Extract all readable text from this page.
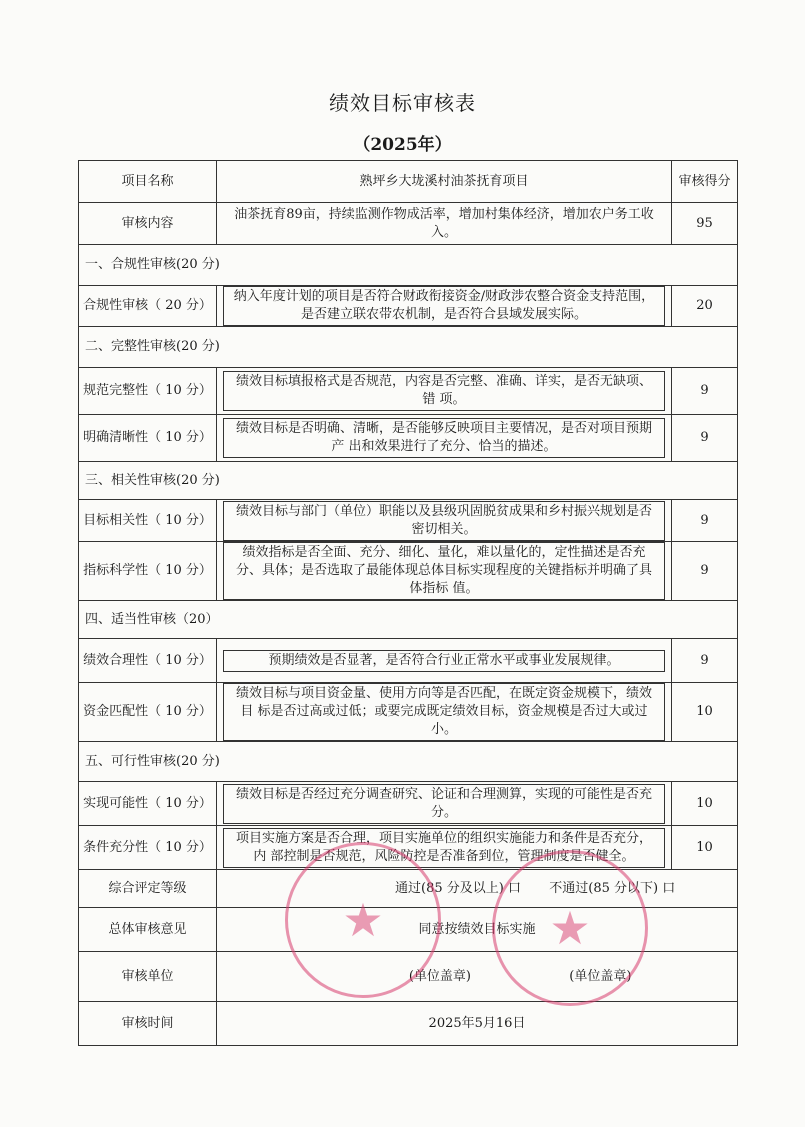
绩效目标审核表
（2025年）
项目名称	熟坪乡大垅溪村油茶抚育项目	审核得分
审核内容	油茶抚育89亩，持续监测作物成活率，增加村集体经济，增加农户务工收入。	95
一、合规性审核(20 分)		
合规性审核（ 20 分）	纳入年度计划的项目是否符合财政衔接资金/财政涉农整合资金支持范围，是否建立联农带农机制，是否符合县域发展实际。	20
二、完整性审核(20 分)		
规范完整性（ 10 分）	绩效目标填报格式是否规范，内容是否完整、准确、详实，是否无缺项、错 项。	9
明确清晰性（ 10 分）	绩效目标是否明确、清晰，是否能够反映项目主要情况，是否对项目预期产 出和效果进行了充分、恰当的描述。	9
三、相关性审核(20 分)		
目标相关性（ 10 分）	绩效目标与部门（单位）职能以及县级巩固脱贫成果和乡村振兴规划是否密切相关。	9
指标科学性（ 10 分）	绩效指标是否全面、充分、细化、量化，难以量化的，定性描述是否充分、具体；是否选取了最能体现总体目标实现程度的关键指标并明确了具体指标 值。	9
四、适当性审核（20）		
绩效合理性（ 10 分）	预期绩效是否显著，是否符合行业正常水平或事业发展规律。	9
资金匹配性（ 10 分）	绩效目标与项目资金量、使用方向等是否匹配，在既定资金规模下，绩效目 标是否过高或过低；或要完成既定绩效目标，资金规模是否过大或过小。	10
五、可行性审核(20 分)		
实现可能性（ 10 分）	绩效目标是否经过充分调查研究、论证和合理测算，实现的可能性是否充分。	10
条件充分性（ 10 分）	项目实施方案是否合理，项目实施单位的组织实施能力和条件是否充分，内 部控制是否规范，风险防控是否准备到位，管理制度是否健全。	10
综合评定等级	通过(85 分及以上) 口 不通过(85 分以下) 口	
总体审核意见	同意按绩效目标实施	
审核单位	(单位盖章) (单位盖章)	
审核时间	2025年5月16日	
★	★
